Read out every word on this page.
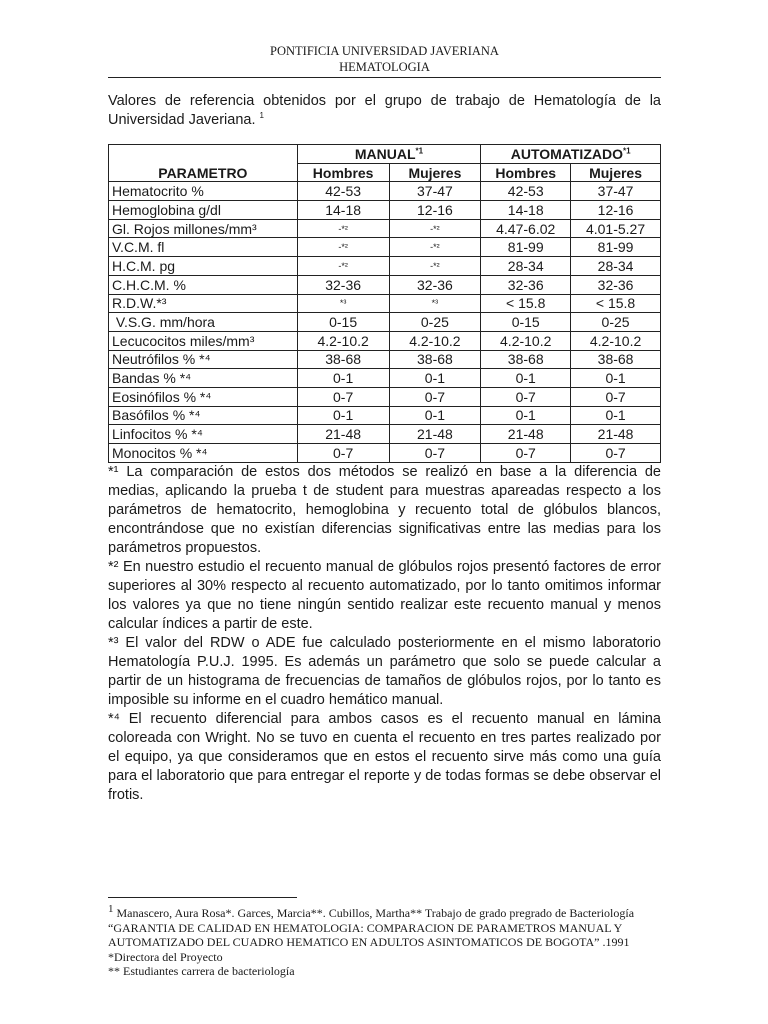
PONTIFICIA UNIVERSIDAD JAVERIANA
HEMATOLOGIA
Valores de referencia obtenidos por el grupo de trabajo de Hematología de la Universidad Javeriana. $^1$
PARAMETRO	MANUAL$^{*1}$		AUTOMATIZADO$^{*1}$
	Hombres	Mujeres	Hombres	Mujeres
Hematocrito %	42-53	37-47	42-53	37-47
Hemoglobina g/dl	14-18	12-16	14-18	12-16
Gl. Rojos millones/mm³	-*²	-*²	4.47-6.02	4.01-5.27
V.C.M. fl	-*²	-*²	81-99	81-99
H.C.M. pg	-*²	-*²	28-34	28-34
C.H.C.M. %	32-36	32-36	32-36	32-36
R.D.W.*³	*³	*³	< 15.8	< 15.8
V.S.G. mm/hora	0-15	0-25	0-15	0-25
Lecucocitos miles/mm³	4.2-10.2	4.2-10.2	4.2-10.2	4.2-10.2
Neutrófilos % *⁴	38-68	38-68	38-68	38-68
Bandas % *⁴	0-1	0-1	0-1	0-1
Eosinófilos % *⁴	0-7	0-7	0-7	0-7
Basófilos % *⁴	0-1	0-1	0-1	0-1
Linfocitos % *⁴	21-48	21-48	21-48	21-48
Monocitos % *⁴	0-7	0-7	0-7	0-7

*¹ La comparación de estos dos métodos se realizó en base a la diferencia de medias, aplicando la prueba t de student para muestras apareadas respecto a los parámetros de hematocrito, hemoglobina y recuento total de glóbulos blancos, encontrándose que no existían diferencias significativas entre las medias para los parámetros propuestos.

*² En nuestro estudio el recuento manual de glóbulos rojos presentó factores de error superiores al 30% respecto al recuento automatizado, por lo tanto omitimos informar los valores ya que no tiene ningún sentido realizar este recuento manual y menos calcular índices a partir de este.

*³ El valor del RDW o ADE fue calculado posteriormente en el mismo laboratorio Hematología P.U.J. 1995. Es además un parámetro que solo se puede calcular a partir de un histograma de frecuencias de tamaños de glóbulos rojos, por lo tanto es imposible su informe en el cuadro hemático manual.

*⁴ El recuento diferencial para ambos casos es el recuento manual en lámina coloreada con Wright. No se tuvo en cuenta el recuento en tres partes realizado por el equipo, ya que consideramos que en estos el recuento sirve más como una guía para el laboratorio que para entregar el reporte y de todas formas se debe observar el frotis.

$^1$ Manascero, Aura Rosa*. Garces, Marcia**. Cubillos, Martha** Trabajo de grado pregrado de Bacteriología “GARANTIA DE CALIDAD EN HEMATOLOGIA: COMPARACION DE PARAMETROS MANUAL Y AUTOMATIZADO DEL CUADRO HEMATICO EN ADULTOS ASINTOMATICOS DE BOGOTA” .1991

*Directora del Proyecto

** Estudiantes carrera de bacteriología
